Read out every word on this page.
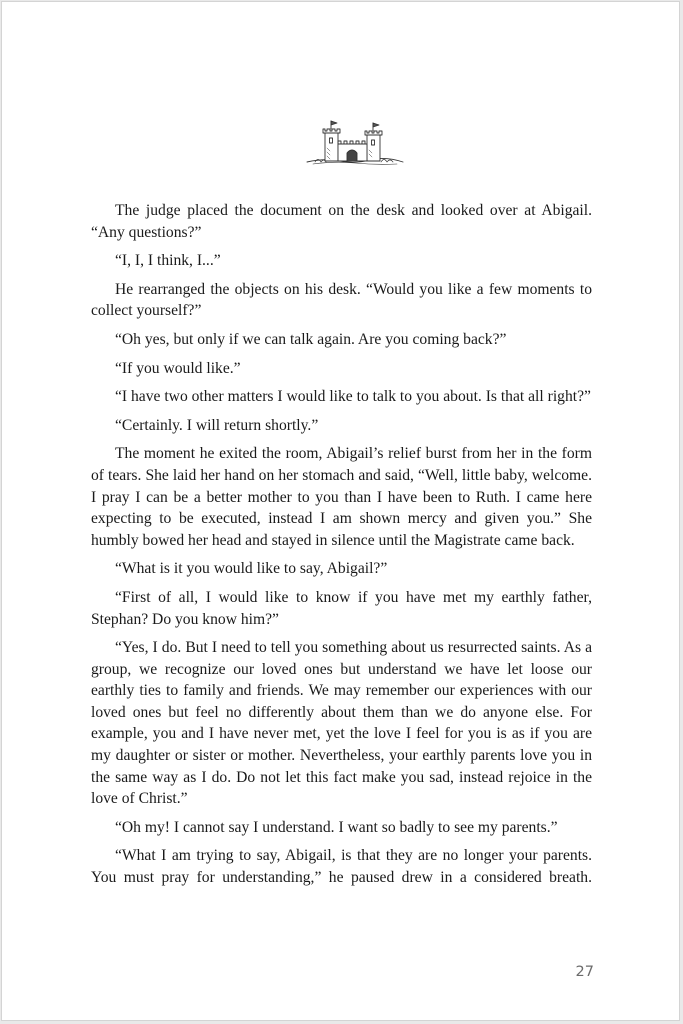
The judge placed the document on the desk and looked over at Abigail. “Any questions?”

“I, I, I think, I...”

He rearranged the objects on his desk. “Would you like a few moments to collect yourself?”

“Oh yes, but only if we can talk again. Are you coming back?”

“If you would like.”

“I have two other matters I would like to talk to you about. Is that all right?”

“Certainly. I will return shortly.”

The moment he exited the room, Abigail’s relief burst from her in the form of tears. She laid her hand on her stomach and said, “Well, little baby, welcome. I pray I can be a better mother to you than I have been to Ruth. I came here expecting to be executed, instead I am shown mercy and given you.” She humbly bowed her head and stayed in silence until the Magistrate came back.

“What is it you would like to say, Abigail?”

“First of all, I would like to know if you have met my earthly father, Stephan? Do you know him?”

“Yes, I do. But I need to tell you something about us resurrected saints. As a group, we recognize our loved ones but understand we have let loose our earthly ties to family and friends. We may remember our experiences with our loved ones but feel no differently about them than we do anyone else. For example, you and I have never met, yet the love I feel for you is as if you are my daughter or sister or mother. Nevertheless, your earthly parents love you in the same way as I do. Do not let this fact make you sad, instead rejoice in the love of Christ.”

“Oh my! I cannot say I understand. I want so badly to see my parents.”

“What I am trying to say, Abigail, is that they are no longer your parents. You must pray for understanding,” he paused drew in a considered breath.

27
